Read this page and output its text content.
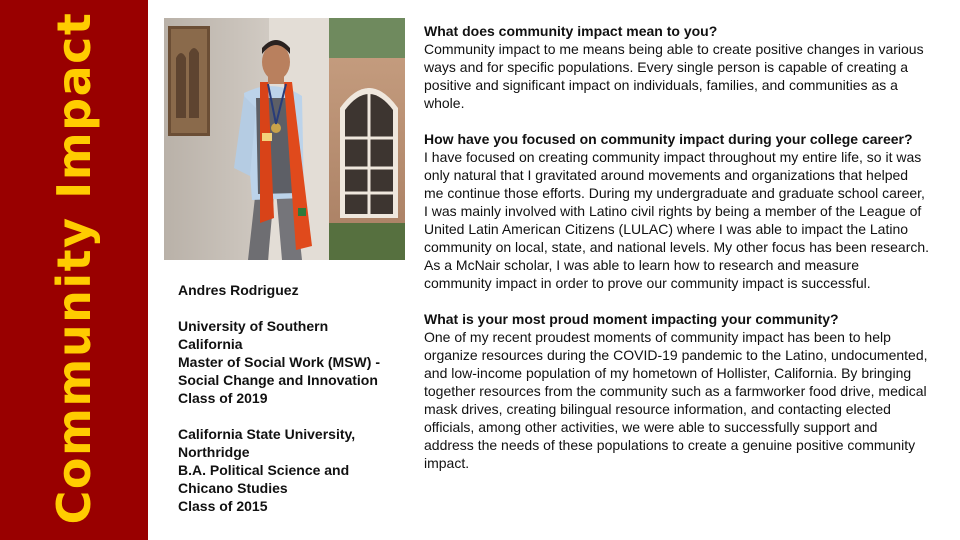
Community Impact	Andres Rodriguez

University of Southern California

Master of Social Work (MSW) - Social Change and Innovation

Class of 2019

California State University, Northridge

B.A. Political Science and Chicano Studies

Class of 2015

What does community impact mean to you?

Community impact to me means being able to create positive changes in various ways and for specific populations. Every single person is capable of creating a positive and significant impact on individuals, families, and communities as a whole.

How have you focused on community impact during your college career?

I have focused on creating community impact throughout my entire life, so it was only natural that I gravitated around movements and organizations that helped me continue those efforts. During my undergraduate and graduate school career, I was mainly involved with Latino civil rights by being a member of the League of United Latin American Citizens (LULAC) where I was able to impact the Latino community on local, state, and national levels. My other focus has been research. As a McNair scholar, I was able to learn how to research and measure community impact in order to prove our community impact is successful.

What is your most proud moment impacting your community?

One of my recent proudest moments of community impact has been to help organize resources during the COVID-19 pandemic to the Latino, undocumented, and low-income population of my hometown of Hollister, California. By bringing together resources from the community such as a farmworker food drive, medical mask drives, creating bilingual resource information, and contacting elected officials, among other activities, we were able to successfully support and address the needs of these populations to create a genuine positive community impact.
